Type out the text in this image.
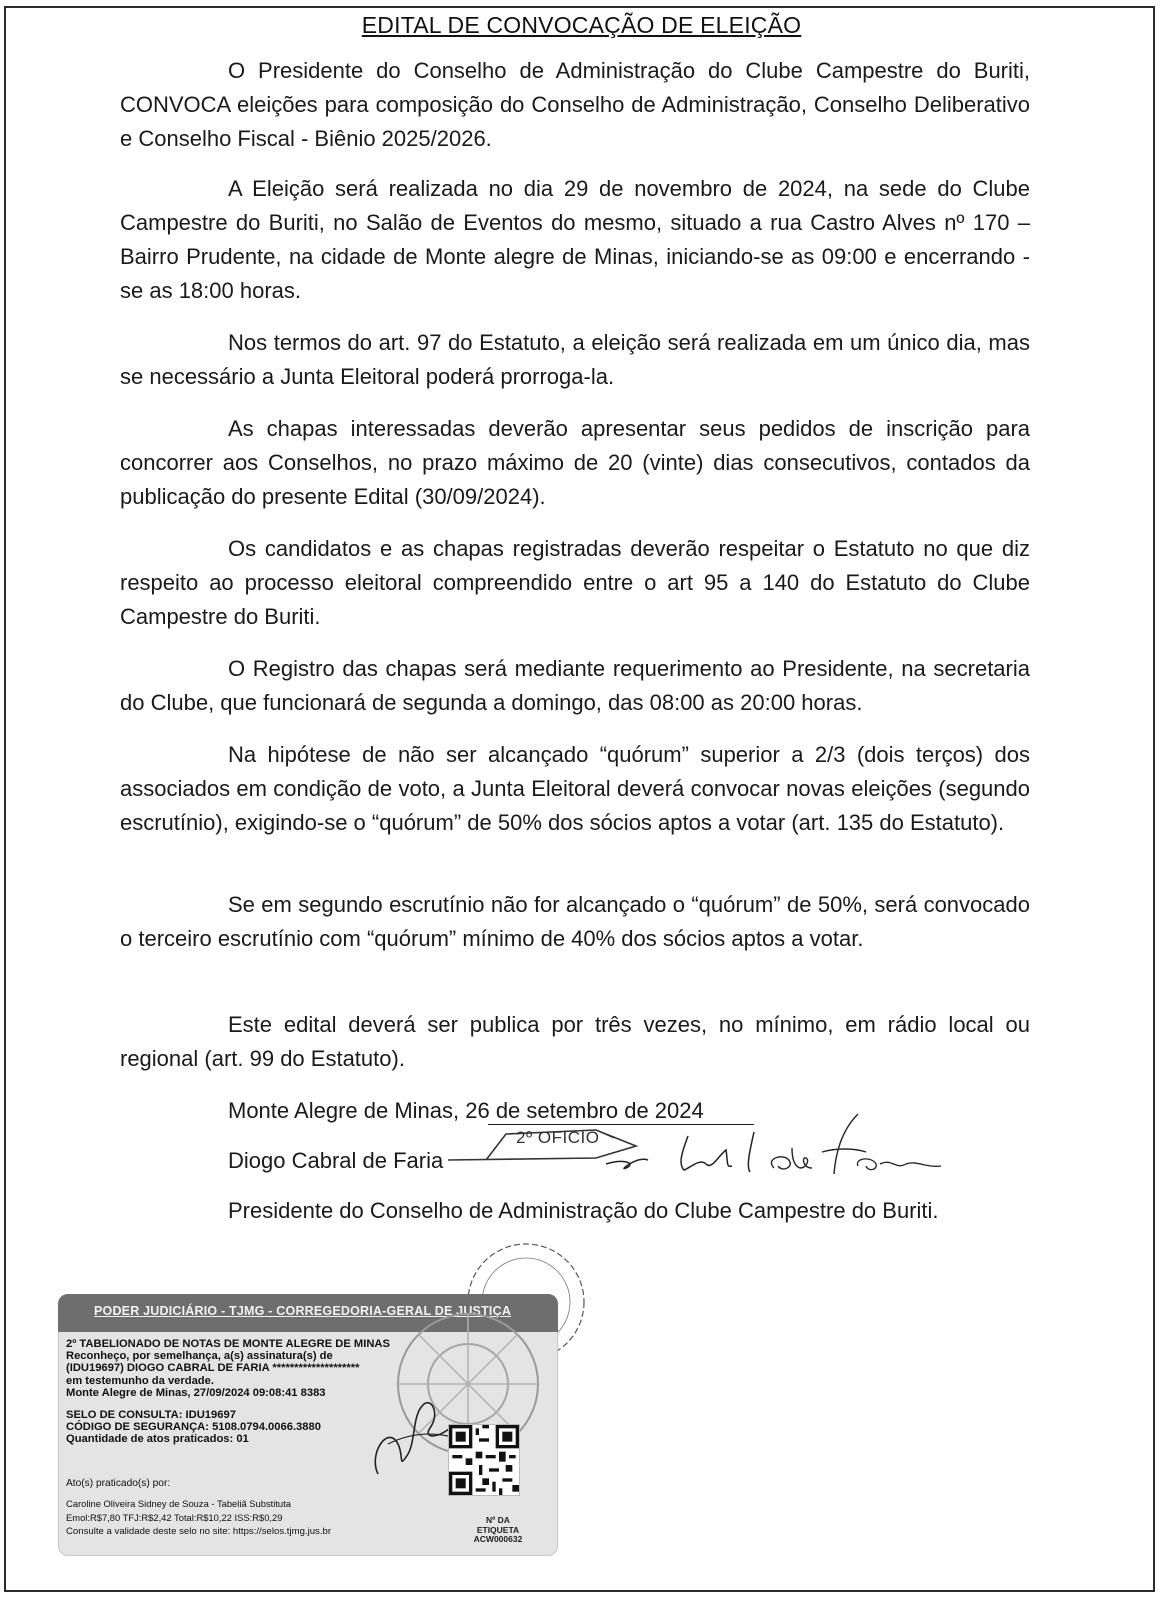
EDITAL DE CONVOCAÇÃO DE ELEIÇÃO

O Presidente do Conselho de Administração do Clube Campestre do Buriti, CONVOCA eleições para composição do Conselho de Administração, Conselho Deliberativo e Conselho Fiscal - Biênio 2025/2026.

A Eleição será realizada no dia 29 de novembro de 2024, na sede do Clube Campestre do Buriti, no Salão de Eventos do mesmo, situado a rua Castro Alves nº 170 – Bairro Prudente, na cidade de Monte alegre de Minas, iniciando-se as 09:00 e encerrando -se as 18:00 horas.

Nos termos do art. 97 do Estatuto, a eleição será realizada em um único dia, mas se necessário a Junta Eleitoral poderá prorroga-la.

As chapas interessadas deverão apresentar seus pedidos de inscrição para concorrer aos Conselhos, no prazo máximo de 20 (vinte) dias consecutivos, contados da publicação do presente Edital (30/09/2024).

Os candidatos e as chapas registradas deverão respeitar o Estatuto no que diz respeito ao processo eleitoral compreendido entre o art 95 a 140 do Estatuto do Clube Campestre do Buriti.

O Registro das chapas será mediante requerimento ao Presidente, na secretaria do Clube, que funcionará de segunda a domingo, das 08:00 as 20:00 horas.

Na hipótese de não ser alcançado “quórum” superior a 2/3 (dois terços) dos associados em condição de voto, a Junta Eleitoral deverá convocar novas eleições (segundo escrutínio), exigindo-se o “quórum” de 50% dos sócios aptos a votar (art. 135 do Estatuto).

Se em segundo escrutínio não for alcançado o “quórum” de 50%, será convocado o terceiro escrutínio com “quórum” mínimo de 40% dos sócios aptos a votar.

Este edital deverá ser publica por três vezes, no mínimo, em rádio local ou regional (art. 99 do Estatuto).

Monte Alegre de Minas, 26 de setembro de 2024
Diogo Cabral de Faria
Presidente do Conselho de Administração do Clube Campestre do Buriti.
2º OFICIO
PODER JUDICIÁRIO - TJMG - CORREGEDORIA-GERAL DE JUSTIÇA
2º TABELIONADO DE NOTAS DE MONTE ALEGRE DE MINAS
Reconheço, por semelhança, a(s) assinatura(s) de
(IDU19697) DIOGO CABRAL DE FARIA ********************
em testemunho da verdade.
Monte Alegre de Minas, 27/09/2024 09:08:41 8383
SELO DE CONSULTA: IDU19697
CÓDIGO DE SEGURANÇA: 5108.0794.0066.3880
Quantidade de atos praticados: 01
Ato(s) praticado(s) por:
Caroline Oliveira Sidney de Souza - Tabeliã Substituta
Emol:R$7,80 TFJ:R$2,42 Total:R$10,22 ISS:R$0,29
Consulte a validade deste selo no site: https://selos.tjmg.jus.br
Nº DA
ETIQUETA
ACW000632
